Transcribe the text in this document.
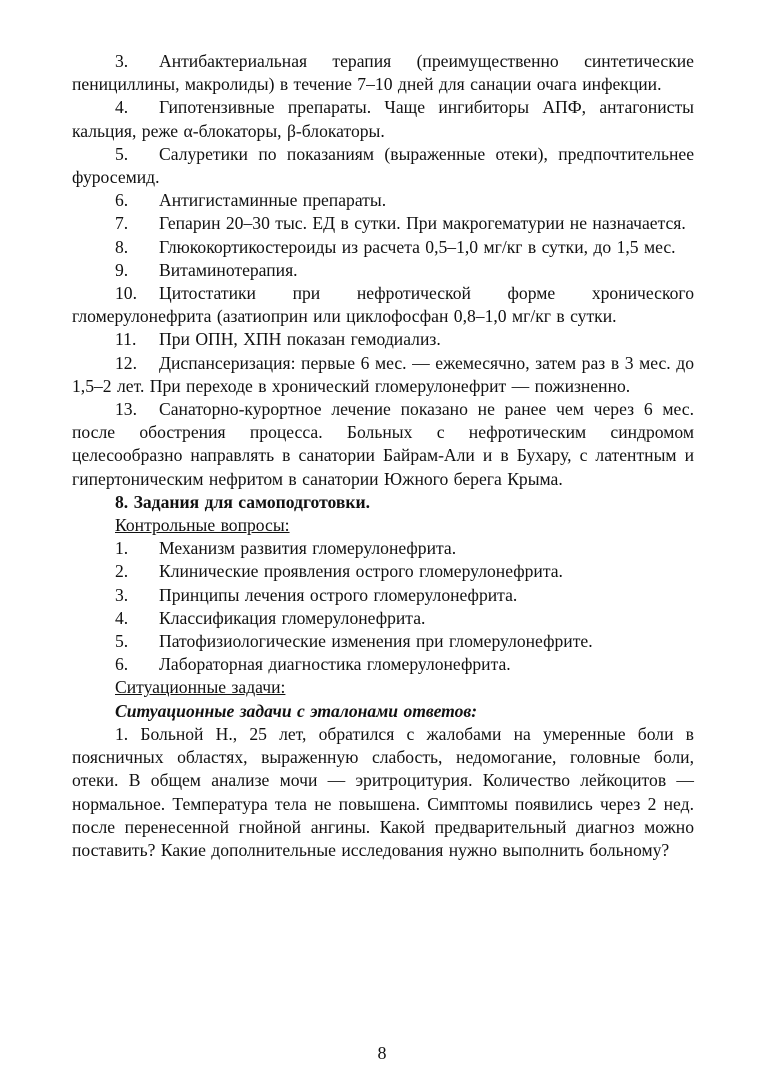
3. Антибактериальная терапия (преимущественно синтетические пенициллины, макролиды) в течение 7–10 дней для санации очага инфекции.

4. Гипотензивные препараты. Чаще ингибиторы АПФ, антагонисты кальция, реже α-блокаторы, β-блокаторы.

5. Салуретики по показаниям (выраженные отеки), предпочтительнее фуросемид.

6. Антигистаминные препараты.

7. Гепарин 20–30 тыс. ЕД в сутки. При макрогематурии не назначается.

8. Глюкокортикостероиды из расчета 0,5–1,0 мг/кг в сутки, до 1,5 мес.

9. Витаминотерапия.

10. Цитостатики при нефротической форме хронического гломерулонефрита (азатиоприн или циклофосфан 0,8–1,0 мг/кг в сутки.

11. При ОПН, ХПН показан гемодиализ.

12. Диспансеризация: первые 6 мес. — ежемесячно, затем раз в 3 мес. до 1,5–2 лет. При переходе в хронический гломерулонефрит — пожизненно.

13. Санаторно-курортное лечение показано не ранее чем через 6 мес. после обострения процесса. Больных с нефротическим синдромом целесообразно направлять в санатории Байрам-Али и в Бухару, с латентным и гипертоническим нефритом в санатории Южного берега Крыма.

8. Задания для самоподготовки.

Контрольные вопросы:

1. Механизм развития гломерулонефрита.

2. Клинические проявления острого гломерулонефрита.

3. Принципы лечения острого гломерулонефрита.

4. Классификация гломерулонефрита.

5. Патофизиологические изменения при гломерулонефрите.

6. Лабораторная диагностика гломерулонефрита.

Ситуационные задачи:

Ситуационные задачи с эталонами ответов:

1. Больной Н., 25 лет, обратился с жалобами на умеренные боли в поясничных областях, выраженную слабость, недомогание, головные боли, отеки. В общем анализе мочи — эритроцитурия. Количество лейкоцитов — нормальное. Температура тела не повышена. Симптомы появились через 2 нед. после перенесенной гнойной ангины. Какой предварительный диагноз можно поставить? Какие дополнительные исследования нужно выполнить больному?

8
